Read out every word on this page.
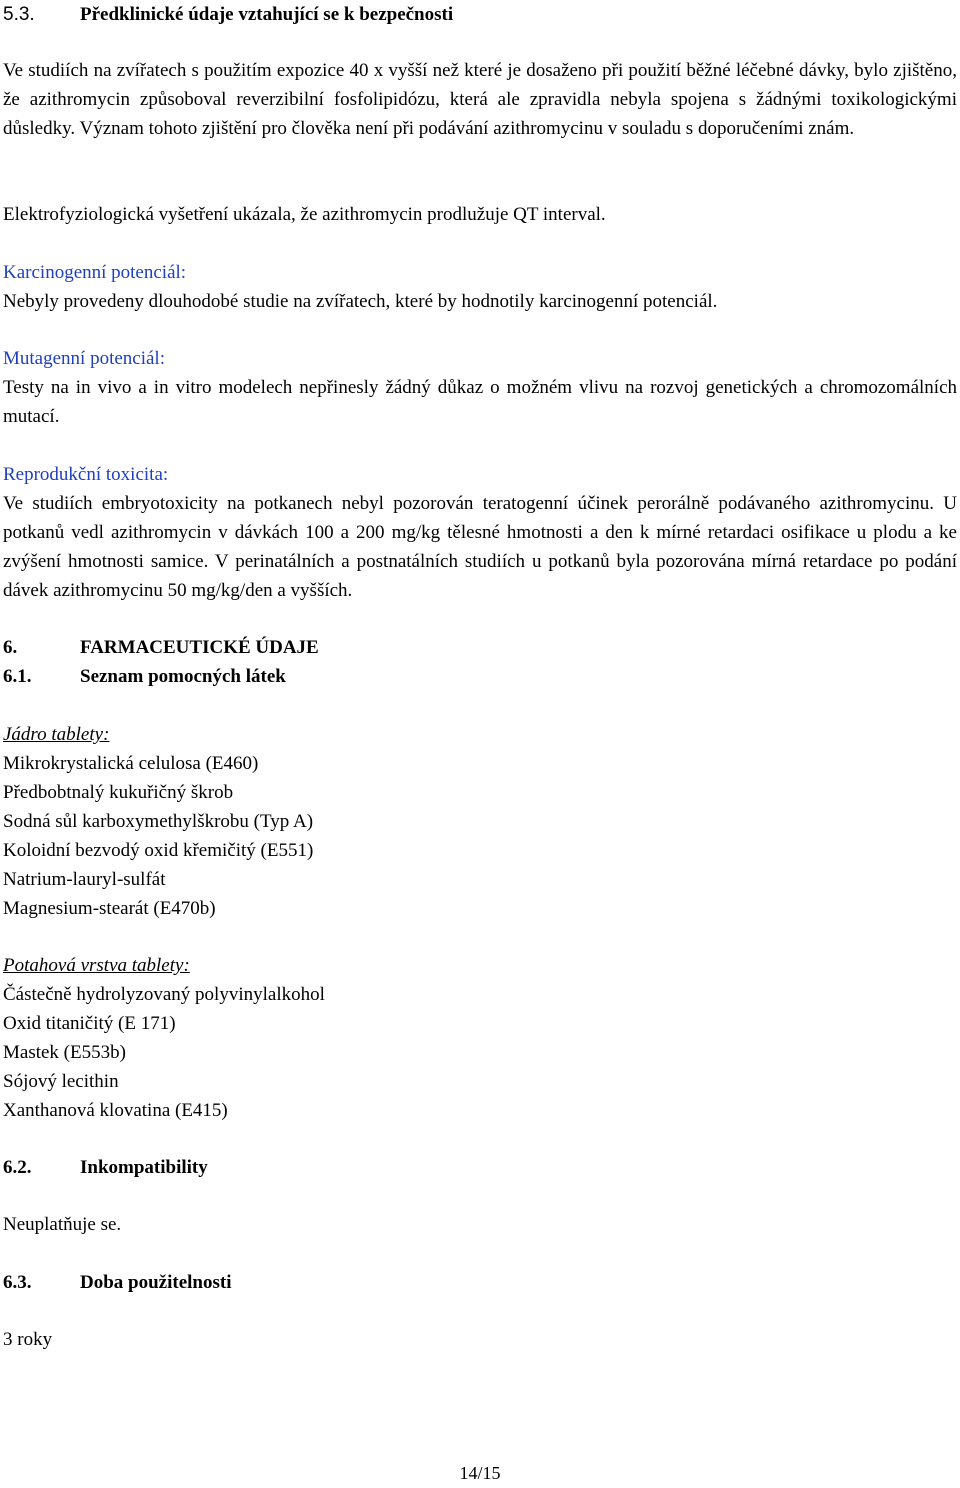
5.3. Předklinické údaje vztahující se k bezpečnosti
Ve studiích na zvířatech s použitím expozice 40 x vyšší než které je dosaženo při použití běžné léčebné dávky, bylo zjištěno, že azithromycin způsoboval reverzibilní fosfolipidózu, která ale zpravidla nebyla spojena s žádnými toxikologickými důsledky. Význam tohoto zjištění pro člověka není při podávání azithromycinu v souladu s doporučeními znám.
Elektrofyziologická vyšetření ukázala, že azithromycin prodlužuje QT interval.
Karcinogenní potenciál:
Nebyly provedeny dlouhodobé studie na zvířatech, které by hodnotily karcinogenní potenciál.
Mutagenní potenciál:
Testy na in vivo a in vitro modelech nepřinesly žádný důkaz o možném vlivu na rozvoj genetických a chromozomálních mutací.
Reprodukční toxicita:
Ve studiích embryotoxicity na potkanech nebyl pozorován teratogenní účinek perorálně podávaného azithromycinu. U potkanů vedl azithromycin v dávkách 100 a 200 mg/kg tělesné hmotnosti a den k mírné retardaci osifikace u plodu a ke zvýšení hmotnosti samice. V perinatálních a postnatálních studiích u potkanů byla pozorována mírná retardace po podání dávek azithromycinu 50 mg/kg/den a vyšších.
6.	FARMACEUTICKÉ ÚDAJE
6.1.	Seznam pomocných látek
Jádro tablety:
Mikrokrystalická celulosa (E460)
Předbobtnalý kukuřičný škrob
Sodná sůl karboxymethylškrobu (Typ A)
Koloidní bezvodý oxid křemičitý (E551)
Natrium-lauryl-sulfát
Magnesium-stearát (E470b)
Potahová vrstva tablety:
Částečně hydrolyzovaný polyvinylalkohol
Oxid titaničitý (E 171)
Mastek (E553b)
Sójový lecithin
Xanthanová klovatina (E415)
6.2.	Inkompatibility
Neuplatňuje se.
6.3.	Doba použitelnosti
3 roky
14/15
